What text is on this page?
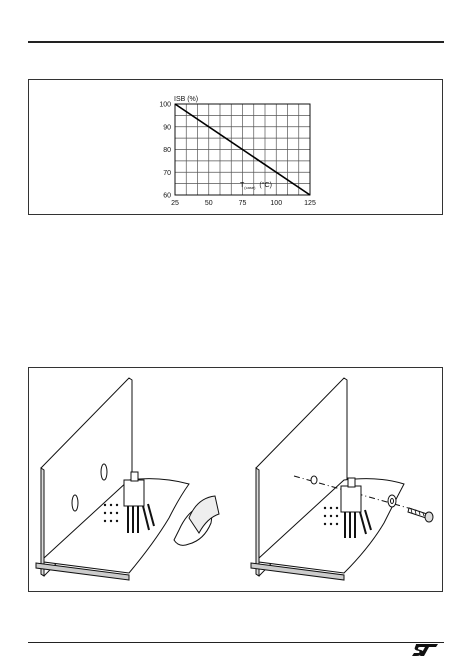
60
70
80
90
100
25	50	75	100	125
ISB (%)
$T_{(case)}$ (°C)
